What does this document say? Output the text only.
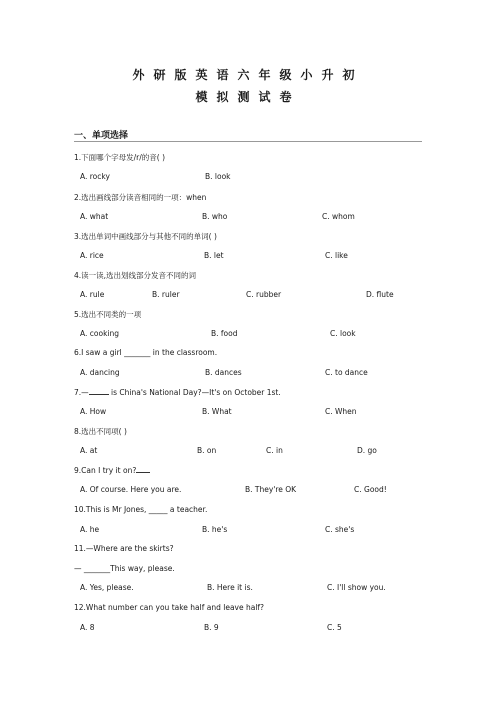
外研版英语六年级小升初
模拟测试卷
一、单项选择
1.下面哪个字母发/r/的音( )
A. rocky	B. look
2.选出画线部分读音相同的一项：when
A. what	B. who	C. whom
3.选出单词中画线部分与其他不同的单词( )
A. rice	B. let	C. like
4.读一读,选出划线部分发音不同的词
A. rule	B. ruler	C. rubber	D. flute
5.选出不同类的一项
A. cooking	B. food	C. look
6.I saw a girl _______ in the classroom.
A. dancing	B. dances	C. to dance
7.—	is China's National Day?—It's on October 1st.
A. How	B. What	C. When
8.选出不同项( )
A. at	B. on	C. in	D. go
9.Can I try it on?
A. Of course. Here you are.	B. They're OK	C. Good!
10.This is Mr Jones, _____ a teacher.
A. he	B. he's	C. she's
11.—Where are the skirts?
— _______This way, please.
A. Yes, please.	B. Here it is.	C. I'll show you.
12.What number can you take half and leave half?
A. 8	B. 9	C. 5
